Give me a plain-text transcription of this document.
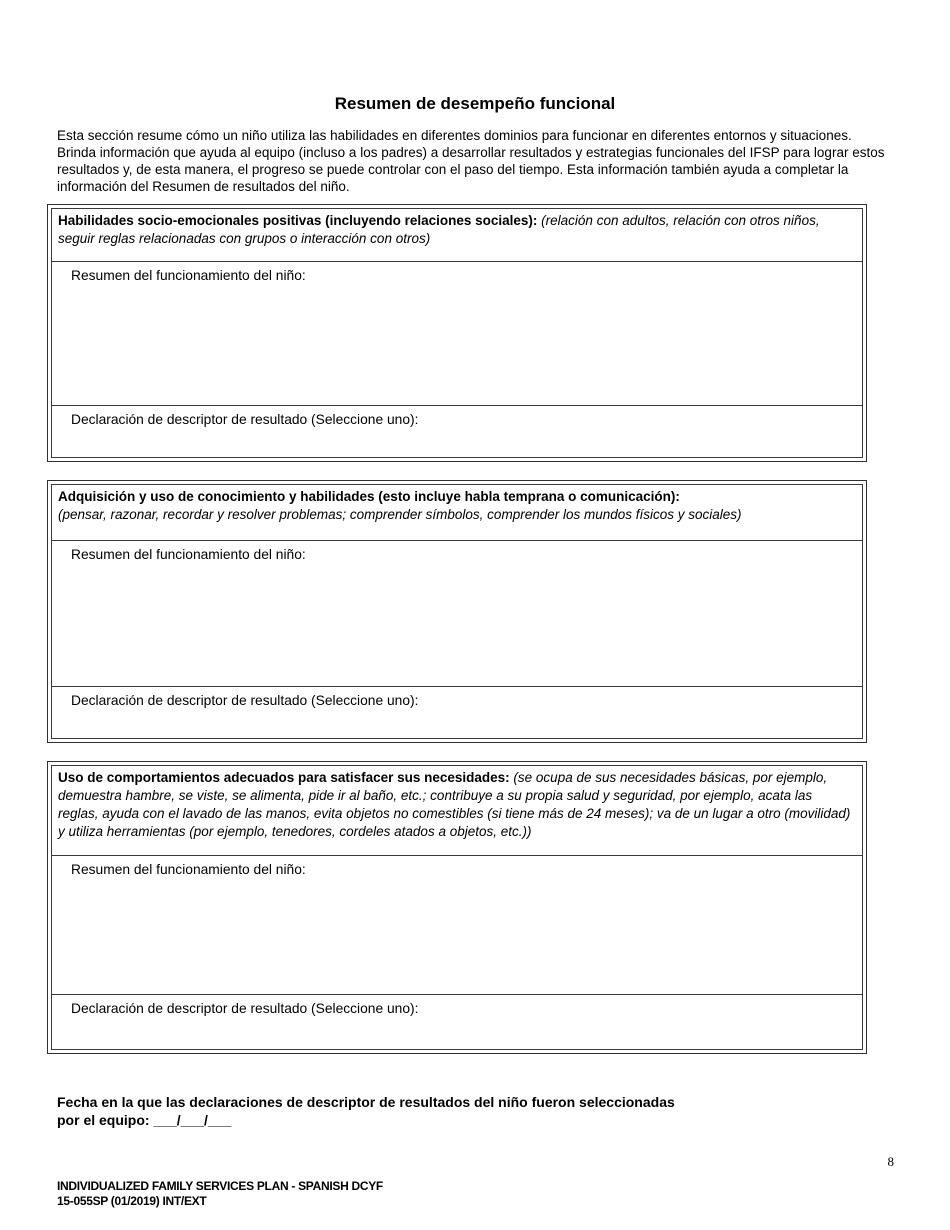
Resumen de desempeño funcional
Esta sección resume cómo un niño utiliza las habilidades en diferentes dominios para funcionar en diferentes entornos y situaciones. Brinda información que ayuda al equipo (incluso a los padres) a desarrollar resultados y estrategias funcionales del IFSP para lograr estos resultados y, de esta manera, el progreso se puede controlar con el paso del tiempo. Esta información también ayuda a completar la información del Resumen de resultados del niño.
Habilidades socio-emocionales positivas (incluyendo relaciones sociales): (relación con adultos, relación con otros niños, seguir reglas relacionadas con grupos o interacción con otros)
Resumen del funcionamiento del niño:
Declaración de descriptor de resultado (Seleccione uno):
Adquisición y uso de conocimiento y habilidades (esto incluye habla temprana o comunicación):
(pensar, razonar, recordar y resolver problemas; comprender símbolos, comprender los mundos físicos y sociales)
Resumen del funcionamiento del niño:
Declaración de descriptor de resultado (Seleccione uno):
Uso de comportamientos adecuados para satisfacer sus necesidades: (se ocupa de sus necesidades básicas, por ejemplo, demuestra hambre, se viste, se alimenta, pide ir al baño, etc.; contribuye a su propia salud y seguridad, por ejemplo, acata las reglas, ayuda con el lavado de las manos, evita objetos no comestibles (si tiene más de 24 meses); va de un lugar a otro (movilidad) y utiliza herramientas (por ejemplo, tenedores, cordeles atados a objetos, etc.))
Resumen del funcionamiento del niño:
Declaración de descriptor de resultado (Seleccione uno):
Fecha en la que las declaraciones de descriptor de resultados del niño fueron seleccionadas
por el equipo: ___/___/___
8
INDIVIDUALIZED FAMILY SERVICES PLAN - SPANISH DCYF
15-055SP (01/2019) INT/EXT
